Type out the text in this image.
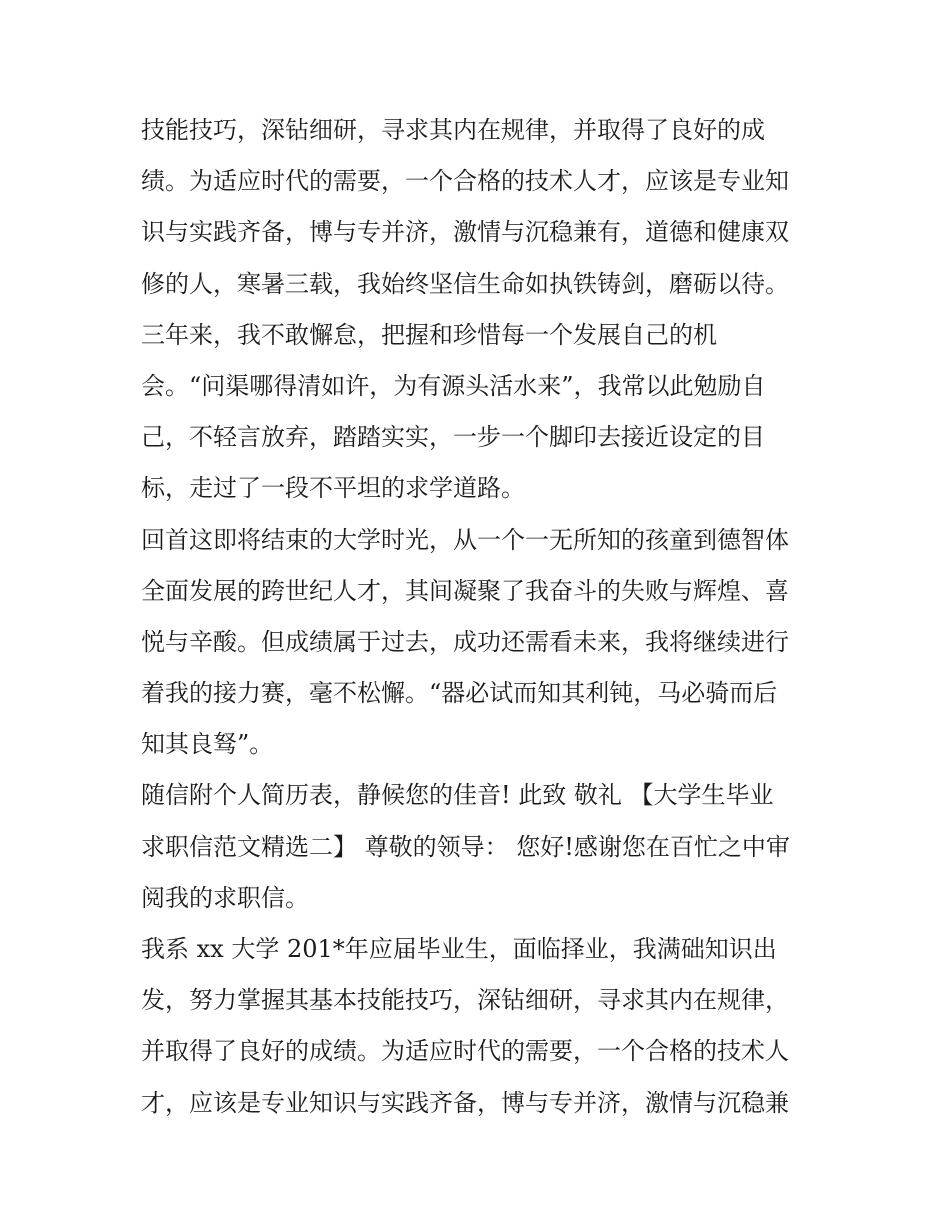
技能技巧，深钻细研，寻求其内在规律，并取得了良好的成
绩。为适应时代的需要，一个合格的技术人才，应该是专业知
识与实践齐备，博与专并济，激情与沉稳兼有，道德和健康双
修的人，寒暑三载，我始终坚信生命如执铁铸剑，磨砺以待。
三年来，我不敢懈怠，把握和珍惜每一个发展自己的机
会。“问渠哪得清如许，为有源头活水来”，我常以此勉励自
己，不轻言放弃，踏踏实实，一步一个脚印去接近设定的目
标，走过了一段不平坦的求学道路。
回首这即将结束的大学时光，从一个一无所知的孩童到德智体
全面发展的跨世纪人才，其间凝聚了我奋斗的失败与辉煌、喜
悦与辛酸。但成绩属于过去，成功还需看未来，我将继续进行
着我的接力赛，毫不松懈。“器必试而知其利钝，马必骑而后
知其良驽”。
随信附个人简历表，静候您的佳音! 此致 敬礼 【大学生毕业
求职信范文精选二】 尊敬的领导： 您好!感谢您在百忙之中审
阅我的求职信。
我系 xx 大学 201*年应届毕业生，面临择业，我满础知识出
发，努力掌握其基本技能技巧，深钻细研，寻求其内在规律，
并取得了良好的成绩。为适应时代的需要，一个合格的技术人
才，应该是专业知识与实践齐备，博与专并济，激情与沉稳兼
